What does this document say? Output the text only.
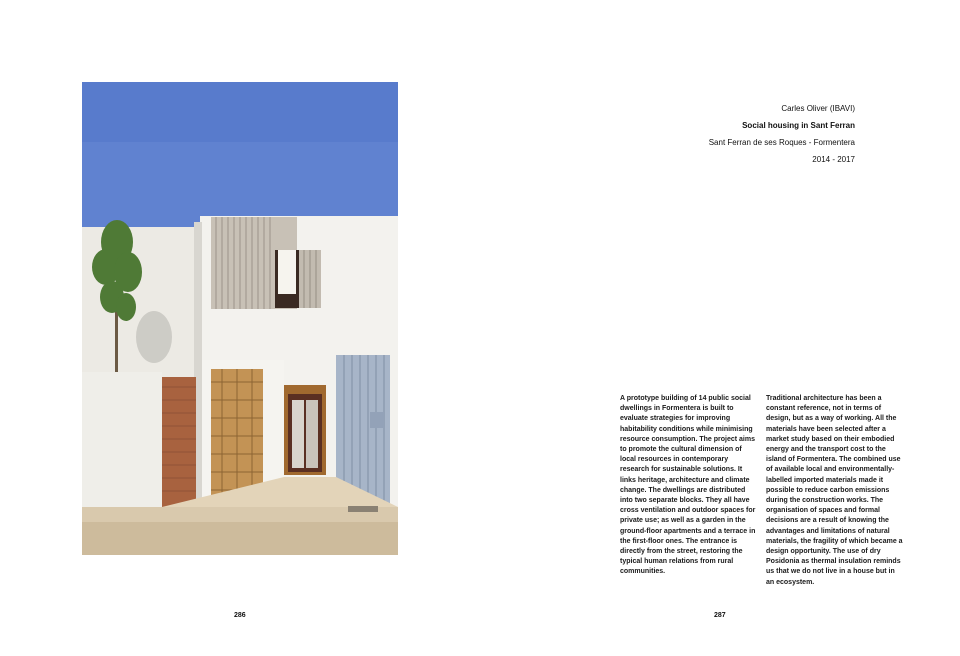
Carles Oliver (IBAVI)
Social housing in Sant Ferran
Sant Ferran de ses Roques - Formentera
2014 - 2017
A prototype building of 14 public social dwellings in Formentera is built to evaluate strategies for improving habitability conditions while minimising resource consumption. The project aims to promote the cultural dimension of local resources in contemporary research for sustainable solutions. It links heritage, architecture and climate change. The dwellings are distributed into two separate blocks. They all have cross ventilation and outdoor spaces for private use; as well as a garden in the ground-floor apartments and a terrace in the first-floor ones. The entrance is directly from the street, restoring the typical human relations from rural communities.
Traditional architecture has been a constant reference, not in terms of design, but as a way of working. All the materials have been selected after a market study based on their embodied energy and the transport cost to the island of Formentera. The combined use of available local and environmentally-labelled imported materials made it possible to reduce carbon emissions during the construction works. The organisation of spaces and formal decisions are a result of knowing the advantages and limitations of natural materials, the fragility of which became a design opportunity. The use of dry Posidonia as thermal insulation reminds us that we do not live in a house but in an ecosystem.
286	287
